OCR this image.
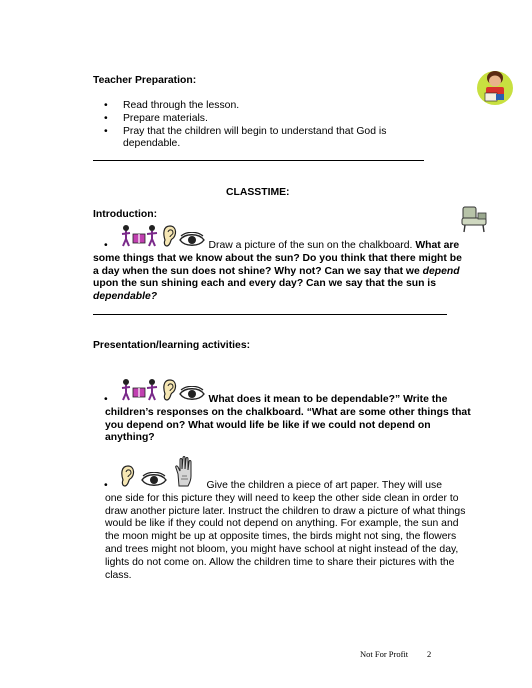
Teacher Preparation:
• Read through the lesson.
• Prepare materials.
• Pray that the children will begin to understand that God is dependable.
CLASSTIME:
Introduction:
•	Draw a picture of the sun on the chalkboard. What are some things that we know about the sun? Do you think that there might be a day when the sun does not shine? Why not? Can we say that we depend upon the sun shining each and every day? Can we say that the sun is dependable?
Presentation/learning activities:
•	What does it mean to be dependable?” Write the
children’s responses on the chalkboard. “What are some other things that you depend on? What would life be like if we could not depend on anything?
•	Give the children a piece of art paper. They will use
one side for this picture they will need to keep the other side clean in order to draw another picture later. Instruct the children to draw a picture of what things would be like if they could not depend on anything. For example, the sun and the moon might be up at opposite times, the birds might not sing, the flowers and trees might not bloom, you might have school at night instead of the day, lights do not come on. Allow the children time to share their pictures with the class.
Not For Profit 2
